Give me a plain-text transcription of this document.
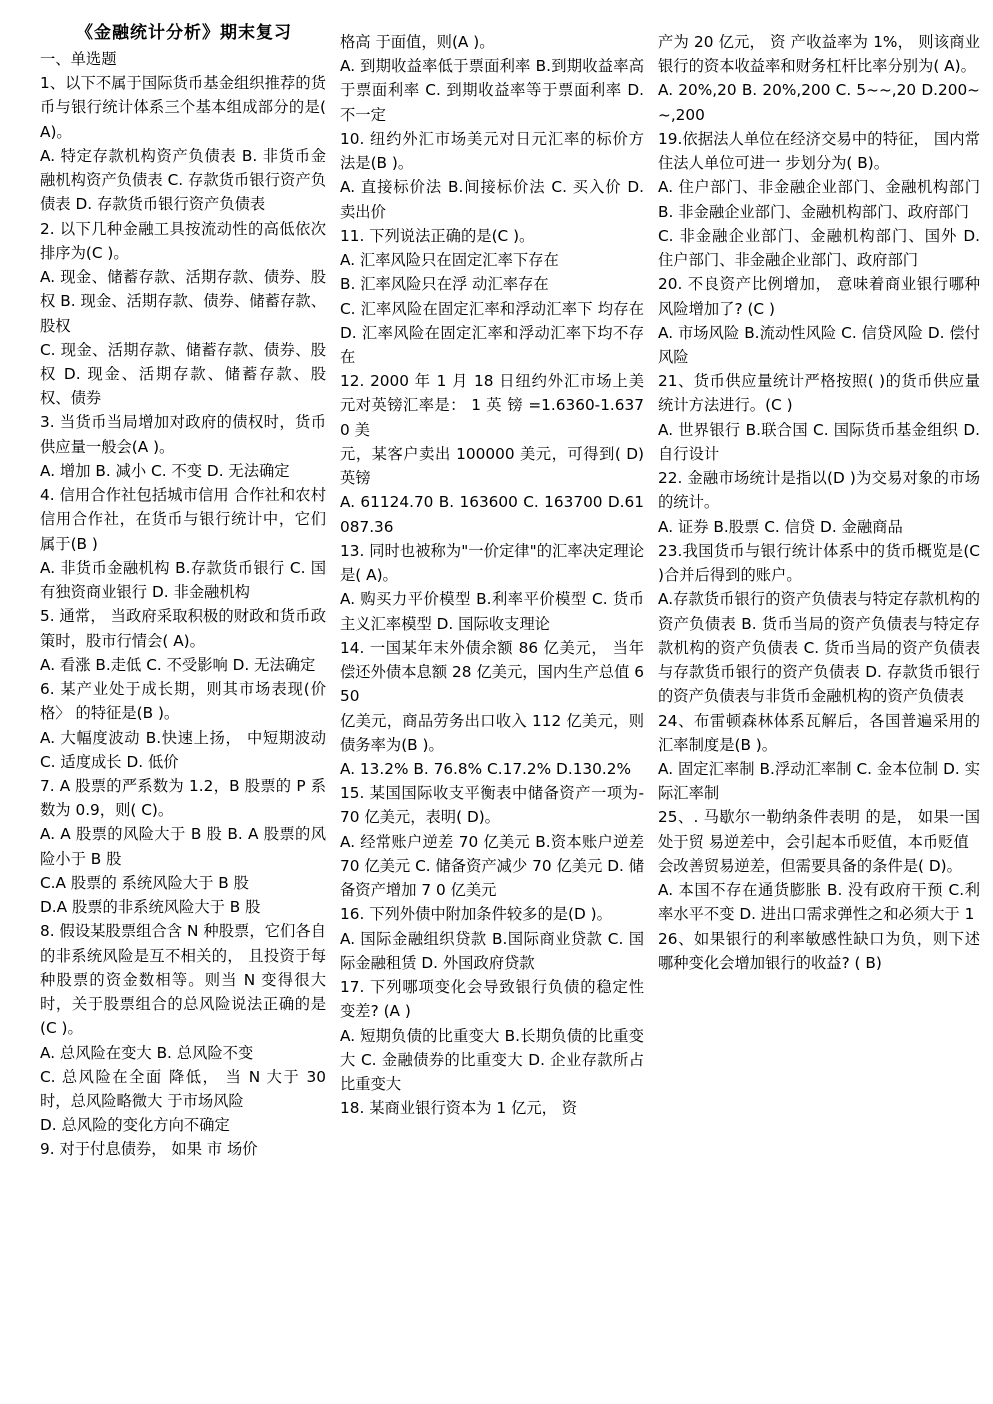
《金融统计分析》期末复习

一、单选题

1、以下不属于国际货币基金组织推荐的货币与银行统计体系三个基本组成部分的是( A)。

A. 特定存款机构资产负债表 B. 非货币金融机构资产负债表 C. 存款货币银行资产负债表 D. 存款货币银行资产负债表

2. 以下几种金融工具按流动性的高低依次排序为(C )。

A. 现金、储蓄存款、活期存款、债券、股权 B. 现金、活期存款、债券、储蓄存款、股权

C. 现金、活期存款、储蓄存款、债券、股权 D. 现金、活期存款、储蓄存款、股权、债券

3. 当货币当局增加对政府的债权时，货币供应量一般会(A )。

A. 增加 B. 减小 C. 不变 D. 无法确定

4. 信用合作社包括城市信用 合作社和农村信用合作社，在货币与银行统计中，它们属于(B )

A. 非货币金融机构 B.存款货币银行 C. 国有独资商业银行 D. 非金融机构

5. 通常， 当政府采取积极的财政和货币政策时，股市行情会( A)。

A. 看涨 B.走低 C. 不受影响 D. 无法确定

6. 某产业处于成长期，则其市场表现(价格〉 的特征是(B )。

A. 大幅度波动 B.快速上扬， 中短期波动 C. 适度成长 D. 低价

7. A 股票的严系数为 1.2，B 股票的 P 系数为 0.9，则( C)。

A. A 股票的风险大于 B 股 B. A 股票的风险小于 B 股

C.A 股票的 系统风险大于 B 股

D.A 股票的非系统风险大于 B 股

8. 假设某股票组合含 N 种股票，它们各自的非系统风险是互不相关的， 且投资于每种股票的资金数相等。则当 N 变得很大时，关于股票组合的总风险说法正确的是(C )。

A. 总风险在变大 B. 总风险不变

C. 总风险在全面 降低， 当 N 大于 30 时，总风险略微大 于市场风险

D. 总风险的变化方向不确定

9. 对于付息债券， 如果 市 场价

格高 于面值，则(A )。

A. 到期收益率低于票面利率 B.到期收益率高于票面利率 C. 到期收益率等于票面利率 D. 不一定

10. 纽约外汇市场美元对日元汇率的标价方法是(B )。

A. 直接标价法 B.间接标价法 C. 买入价 D. 卖出价

11. 下列说法正确的是(C )。

A. 汇率风险只在固定汇率下存在

B. 汇率风险只在浮 动汇率存在

C. 汇率风险在固定汇率和浮动汇率下 均存在 D. 汇率风险在固定汇率和浮动汇率下均不存在

12. 2000 年 1 月 18 日纽约外汇市场上美元对英镑汇率是： 1 英 镑 =1.6360-1.6370 美

元，某客户卖出 100000 美元，可得到( D)英镑

A. 61124.70 B. 163600 C. 163700 D.61087.36

13. 同时也被称为"一价定律"的汇率决定理论是( A)。

A. 购买力平价模型 B.利率平价模型 C. 货币主义汇率模型 D. 国际收支理论

14. 一国某年末外债余额 86 亿美元， 当年偿还外债本息额 28 亿美元，国内生产总值 650

亿美元，商品劳务出口收入 112 亿美元，则债务率为(B )。

A. 13.2% B. 76.8% C.17.2% D.130.2%

15. 某国国际收支平衡表中储备资产一项为-70 亿美元，表明( D)。

A. 经常账户逆差 70 亿美元 B.资本账户逆差 70 亿美元 C. 储备资产减少 70 亿美元 D. 储备资产增加 7 0 亿美元

16. 下列外债中附加条件较多的是(D )。

A. 国际金融组织贷款 B.国际商业贷款 C. 国际金融租赁 D. 外国政府贷款

17. 下列哪项变化会导致银行负债的稳定性变差? (A )

A. 短期负债的比重变大 B.长期负债的比重变大 C. 金融债券的比重变大 D. 企业存款所占比重变大

18. 某商业银行资本为 1 亿元， 资

产为 20 亿元， 资 产收益率为 1%， 则该商业银行的资本收益率和财务杠杆比率分别为( A)。

A. 20%,20 B. 20%,200 C. 5~~,20 D.200~~,200

19.依据法人单位在经济交易中的特征， 国内常住法人单位可进一 步划分为( B)。

A. 住户部门、非金融企业部门、金融机构部门 B. 非金融企业部门、金融机构部门、政府部门

C. 非金融企业部门、金融机构部门、国外 D. 住户部门、非金融企业部门、政府部门

20. 不良资产比例增加， 意味着商业银行哪种风险增加了? (C )

A. 市场风险 B.流动性风险 C. 信贷风险 D. 偿付风险

21、货币供应量统计严格按照( )的货币供应量统计方法进行。(C )

A. 世界银行 B.联合国 C. 国际货币基金组织 D.自行设计

22. 金融市场统计是指以(D )为交易对象的市场的统计。

A. 证券 B.股票 C. 信贷 D. 金融商品

23.我国货币与银行统计体系中的货币概览是(C )合并后得到的账户。

A.存款货币银行的资产负债表与特定存款机构的资产负债表 B. 货币当局的资产负债表与特定存款机构的资产负债表 C. 货币当局的资产负债表与存款货币银行的资产负债表 D. 存款货币银行的资产负债表与非货币金融机构的资产负债表

24、布雷顿森林体系瓦解后，各国普遍采用的汇率制度是(B )。

A. 固定汇率制 B.浮动汇率制 C. 金本位制 D. 实际汇率制

25、. 马歇尔一勒纳条件表明 的是， 如果一国处于贸 易逆差中，会引起本币贬值，本币贬值

会改善贸易逆差，但需要具备的条件是( D)。

A. 本国不存在通货膨胀 B. 没有政府干预 C.利率水平不变 D. 进出口需求弹性之和必须大于 1

26、如果银行的利率敏感性缺口为负，则下述哪种变化会增加银行的收益? ( B)
